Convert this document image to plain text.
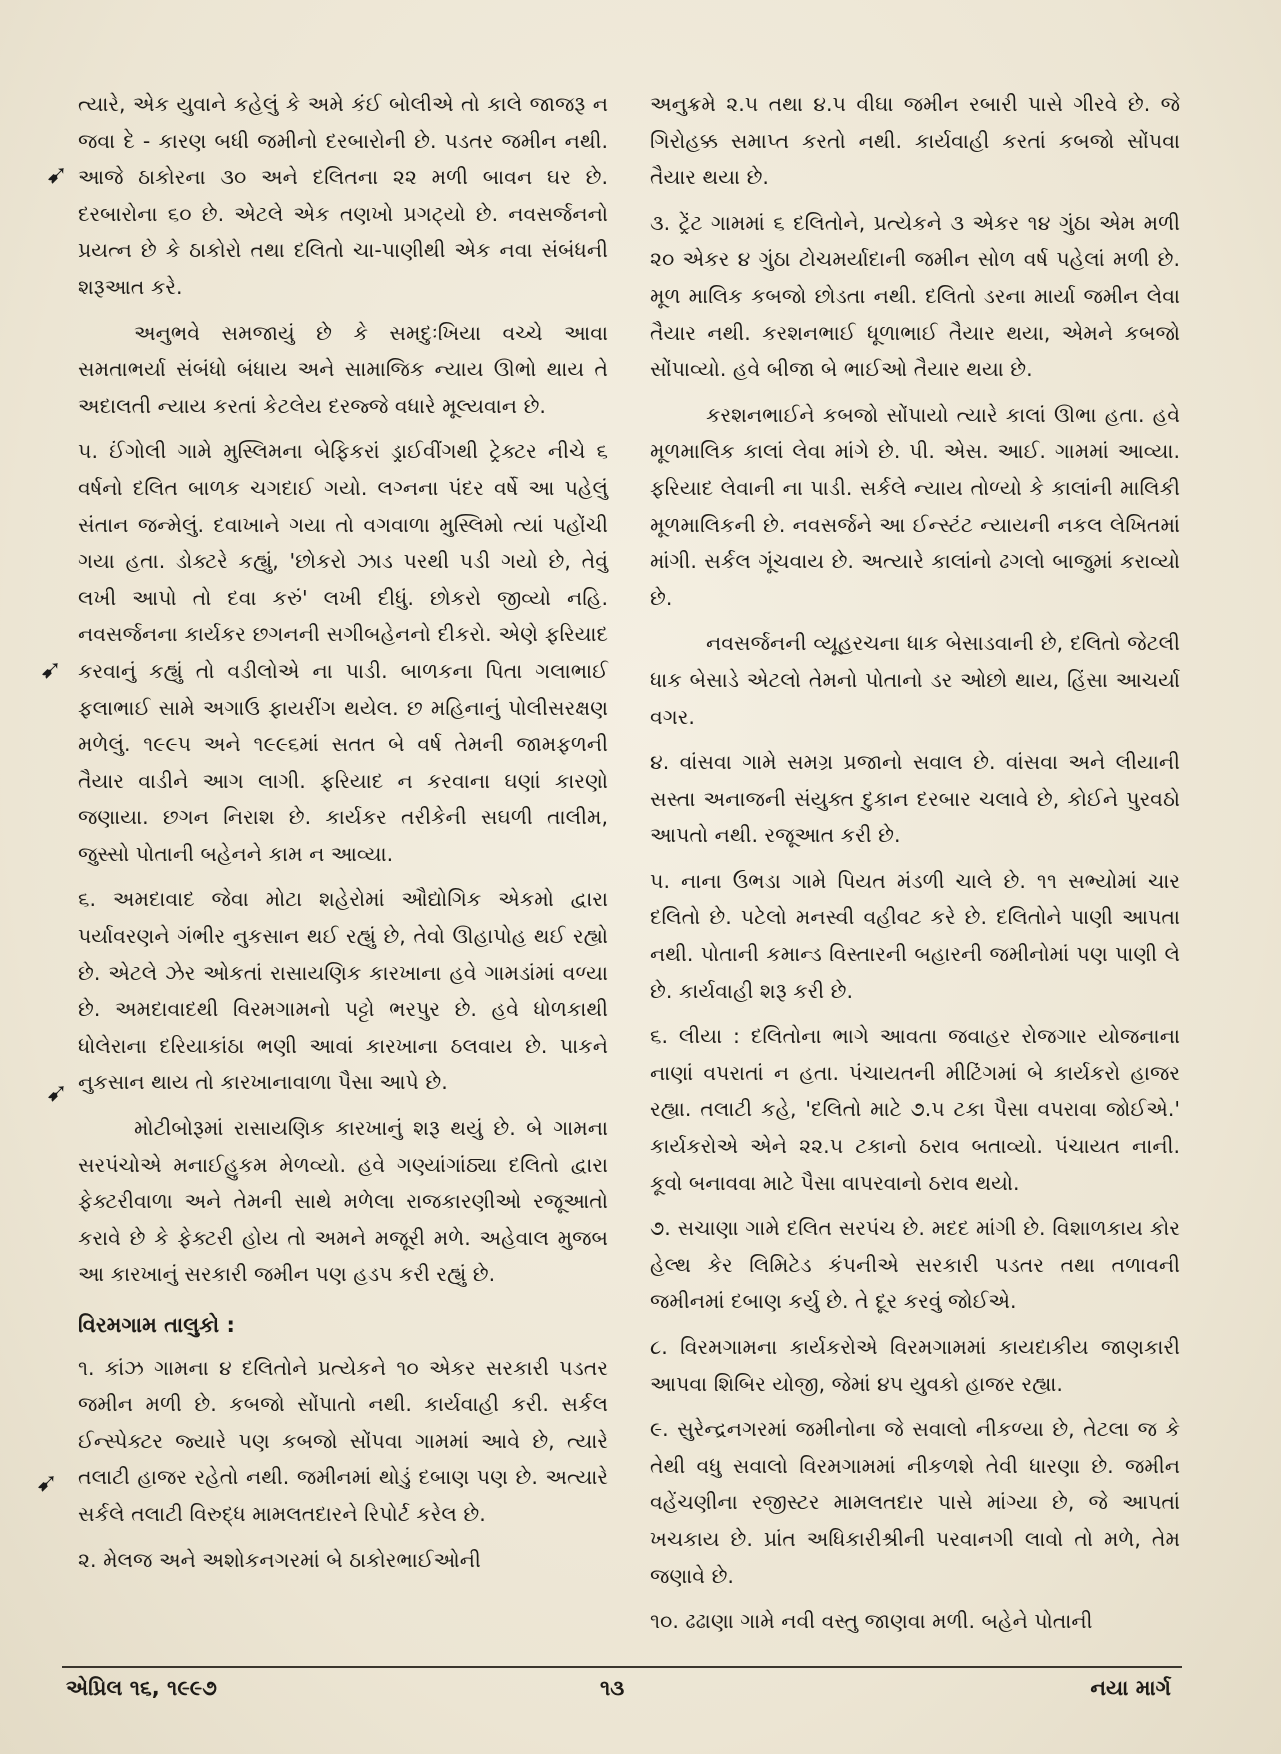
ત્યારે, એક યુવાને કહેલું કે અમે કંઈ બોલીએ તો કાલે જાજરૂ ન જવા દે - કારણ બધી જમીનો દરબારોની છે. પડતર જમીન નથી. આજે ઠાકોરના ૩૦ અને દલિતના ૨૨ મળી બાવન ઘર છે. દરબારોના ૬૦ છે. એટલે એક તણખો પ્રગટ્યો છે. નવસર્જનનો પ્રયત્ન છે કે ઠાકોરો તથા દલિતો ચા-પાણીથી એક નવા સંબંધની શરૂઆત કરે.

અનુભવે સમજાયું છે કે સમદુઃખિયા વચ્ચે આવા સમતાભર્યા સંબંધો બંધાય અને સામાજિક ન્યાય ઊભો થાય તે અદાલતી ન્યાય કરતાં કેટલેય દરજ્જે વધારે મૂલ્યવાન છે.

૫. ઈંગોલી ગામે મુસ્લિમના બેફિકરાં ડ્રાઈવીંગથી ટ્રેક્ટર નીચે ૬ વર્ષનો દલિત બાળક ચગદાઈ ગયો. લગ્નના પંદર વર્ષે આ પહેલું સંતાન જન્મેલું. દવાખાને ગયા તો વગવાળા મુસ્લિમો ત્યાં પહોંચી ગયા હતા. ડોક્ટરે કહ્યું, 'છોકરો ઝાડ પરથી પડી ગયો છે, તેવું લખી આપો તો દવા કરું' લખી દીધું. છોકરો જીવ્યો નહિ. નવસર્જનના કાર્યકર છગનની સગીબહેનનો દીકરો. એણે ફરિયાદ કરવાનું કહ્યું તો વડીલોએ ના પાડી. બાળકના પિતા ગલાભાઈ ફલાભાઈ સામે અગાઉ ફાયરીંગ થયેલ. છ મહિનાનું પોલીસરક્ષણ મળેલું. ૧૯૯૫ અને ૧૯૯૬માં સતત બે વર્ષ તેમની જામફળની તૈયાર વાડીને આગ લાગી. ફરિયાદ ન કરવાના ઘણાં કારણો જણાયા. છગન નિરાશ છે. કાર્યકર તરીકેની સઘળી તાલીમ, જુસ્સો પોતાની બહેનને કામ ન આવ્યા.

૬. અમદાવાદ જેવા મોટા શહેરોમાં ઔદ્યોગિક એકમો દ્વારા પર્યાવરણને ગંભીર નુકસાન થઈ રહ્યું છે, તેવો ઊહાપોહ થઈ રહ્યો છે. એટલે ઝેર ઓકતાં રાસાયણિક કારખાના હવે ગામડાંમાં વળ્યા છે. અમદાવાદથી વિરમગામનો પટ્ટો ભરપુર છે. હવે ધોળકાથી ધોલેરાના દરિયાકાંઠા ભણી આવાં કારખાના ઠલવાય છે. પાકને નુકસાન થાય તો કારખાનાવાળા પૈસા આપે છે.

મોટીબોરૂમાં રાસાયણિક કારખાનું શરૂ થયું છે. બે ગામના સરપંચોએ મનાઈહુકમ મેળવ્યો. હવે ગણ્યાંગાંઠ્યા દલિતો દ્વારા ફેક્ટરીવાળા અને તેમની સાથે મળેલા રાજકારણીઓ રજૂઆતો કરાવે છે કે ફેક્ટરી હોય તો અમને મજૂરી મળે. અહેવાલ મુજબ આ કારખાનું સરકારી જમીન પણ હડપ કરી રહ્યું છે.

વિરમગામ તાલુકો :

૧. કાંઝ ગામના ૪ દલિતોને પ્રત્યેકને ૧૦ એકર સરકારી પડતર જમીન મળી છે. કબજો સોંપાતો નથી. કાર્યવાહી કરી. સર્કલ ઈન્સ્પેક્ટર જ્યારે પણ કબજો સોંપવા ગામમાં આવે છે, ત્યારે તલાટી હાજર રહેતો નથી. જમીનમાં થોડું દબાણ પણ છે. અત્યારે સર્કલે તલાટી વિરુદ્ધ મામલતદારને રિપોર્ટ કરેલ છે.

૨. મેલજ અને અશોકનગરમાં બે ઠાકોરભાઈઓની

અનુક્રમે ૨.૫ તથા ૪.૫ વીઘા જમીન રબારી પાસે ગીરવે છે. જે ગિરોહક્ક સમાપ્ત કરતો નથી. કાર્યવાહી કરતાં કબજો સોંપવા તૈયાર થયા છે.

૩. ટ્રેંટ ગામમાં ૬ દલિતોને, પ્રત્યેકને ૩ એકર ૧૪ ગુંઠા એમ મળી ૨૦ એકર ૪ ગુંઠા ટોચમર્યાદાની જમીન સોળ વર્ષ પહેલાં મળી છે. મૂળ માલિક કબજો છોડતા નથી. દલિતો ડરના માર્યા જમીન લેવા તૈયાર નથી. કરશનભાઈ ધૂળાભાઈ તૈયાર થયા, એમને કબજો સોંપાવ્યો. હવે બીજા બે ભાઈઓ તૈયાર થયા છે.

કરશનભાઈને કબજો સોંપાયો ત્યારે કાલાં ઊભા હતા. હવે મૂળમાલિક કાલાં લેવા માંગે છે. પી. એસ. આઈ. ગામમાં આવ્યા. ફરિયાદ લેવાની ના પાડી. સર્કલે ન્યાય તોળ્યો કે કાલાંની માલિકી મૂળમાલિકની છે. નવસર્જને આ ઈન્સ્ટંટ ન્યાયની નકલ લેખિતમાં માંગી. સર્કલ ગૂંચવાય છે. અત્યારે કાલાંનો ઢગલો બાજુમાં કરાવ્યો છે.

નવસર્જનની વ્યૂહરચના ધાક બેસાડવાની છે, દલિતો જેટલી ધાક બેસાડે એટલો તેમનો પોતાનો ડર ઓછો થાય, હિંસા આચર્યા વગર.

૪. વાંસવા ગામે સમગ્ર પ્રજાનો સવાલ છે. વાંસવા અને લીયાની સસ્તા અનાજની સંયુક્ત દુકાન દરબાર ચલાવે છે, કોઈને પુરવઠો આપતો નથી. રજૂઆત કરી છે.

૫. નાના ઉભડા ગામે પિયત મંડળી ચાલે છે. ૧૧ સભ્યોમાં ચાર દલિતો છે. પટેલો મનસ્વી વહીવટ કરે છે. દલિતોને પાણી આપતા નથી. પોતાની કમાન્ડ વિસ્તારની બહારની જમીનોમાં પણ પાણી લે છે. કાર્યવાહી શરૂ કરી છે.

૬. લીયા : દલિતોના ભાગે આવતા જવાહર રોજગાર યોજનાના નાણાં વપરાતાં ન હતા. પંચાયતની મીટિંગમાં બે કાર્યકરો હાજર રહ્યા. તલાટી કહે, 'દલિતો માટે ૭.૫ ટકા પૈસા વપરાવા જોઈએ.' કાર્યકરોએ એને ૨૨.૫ ટકાનો ઠરાવ બતાવ્યો. પંચાયત નાની. કૂવો બનાવવા માટે પૈસા વાપરવાનો ઠરાવ થયો.

૭. સચાણા ગામે દલિત સરપંચ છે. મદદ માંગી છે. વિશાળકાય કોર હેલ્થ કેર લિમિટેડ કંપનીએ સરકારી પડતર તથા તળાવની જમીનમાં દબાણ કર્યુ છે. તે દૂર કરવું જોઈએ.

૮. વિરમગામના કાર્યકરોએ વિરમગામમાં કાયદાકીય જાણકારી આપવા શિબિર યોજી, જેમાં ૪૫ યુવકો હાજર રહ્યા.

૯. સુરેન્દ્રનગરમાં જમીનોના જે સવાલો નીકળ્યા છે, તેટલા જ કે તેથી વધુ સવાલો વિરમગામમાં નીકળશે તેવી ધારણા છે. જમીન વહેંચણીના રજીસ્ટર મામલતદાર પાસે માંગ્યા છે, જે આપતાં ખચકાય છે. પ્રાંત અધિકારીશ્રીની પરવાનગી લાવો તો મળે, તેમ જણાવે છે.

૧૦. ઢઢાણા ગામે નવી વસ્તુ જાણવા મળી. બહેને પોતાની

➹
➹
➹
➹
એપ્રિલ ૧૬, ૧૯૯૭	૧૩	નયા માર્ગ
